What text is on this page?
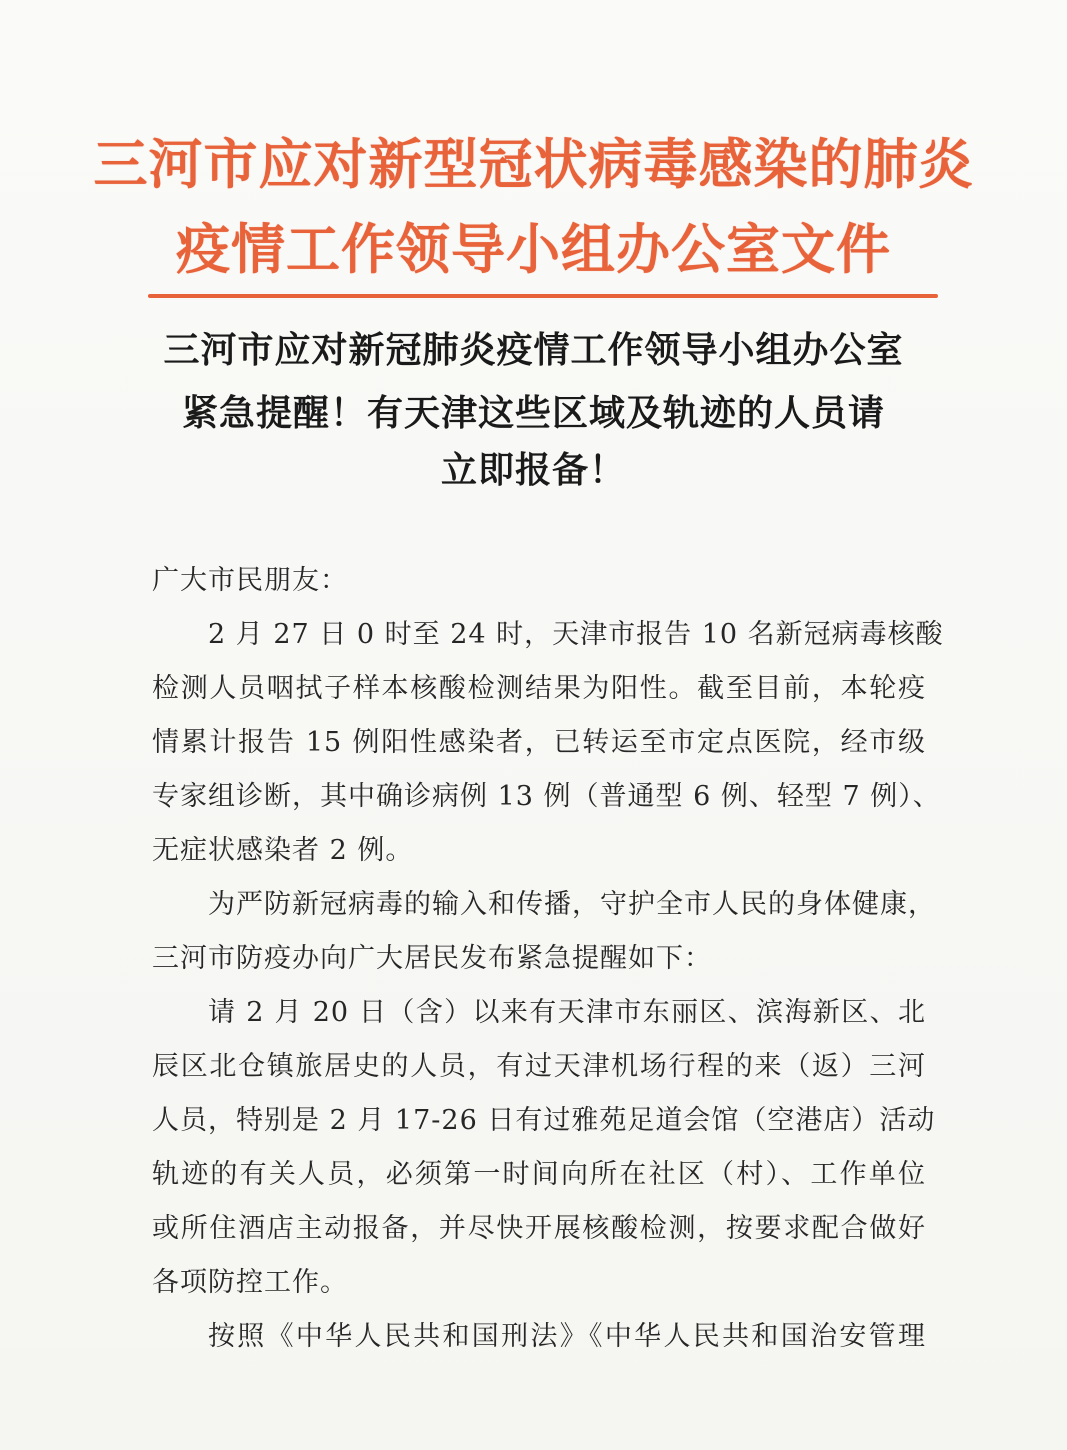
三河市应对新型冠状病毒感染的肺炎
疫情工作领导小组办公室文件
三河市应对新冠肺炎疫情工作领导小组办公室
紧急提醒！有天津这些区域及轨迹的人员请
立即报备！
广大市民朋友：
2 月 27 日 0 时至 24 时，天津市报告 10 名新冠病毒核酸
检测人员咽拭子样本核酸检测结果为阳性。截至目前，本轮疫
情累计报告 15 例阳性感染者，已转运至市定点医院，经市级
专家组诊断，其中确诊病例 13 例（普通型 6 例、轻型 7 例）、
无症状感染者 2 例。
为严防新冠病毒的输入和传播，守护全市人民的身体健康，
三河市防疫办向广大居民发布紧急提醒如下：
请 2 月 20 日（含）以来有天津市东丽区、滨海新区、北
辰区北仓镇旅居史的人员，有过天津机场行程的来（返）三河
人员，特别是 2 月 17-26 日有过雅苑足道会馆（空港店）活动
轨迹的有关人员，必须第一时间向所在社区（村）、工作单位
或所住酒店主动报备，并尽快开展核酸检测，按要求配合做好
各项防控工作。
按照《中华人民共和国刑法》《中华人民共和国治安管理
